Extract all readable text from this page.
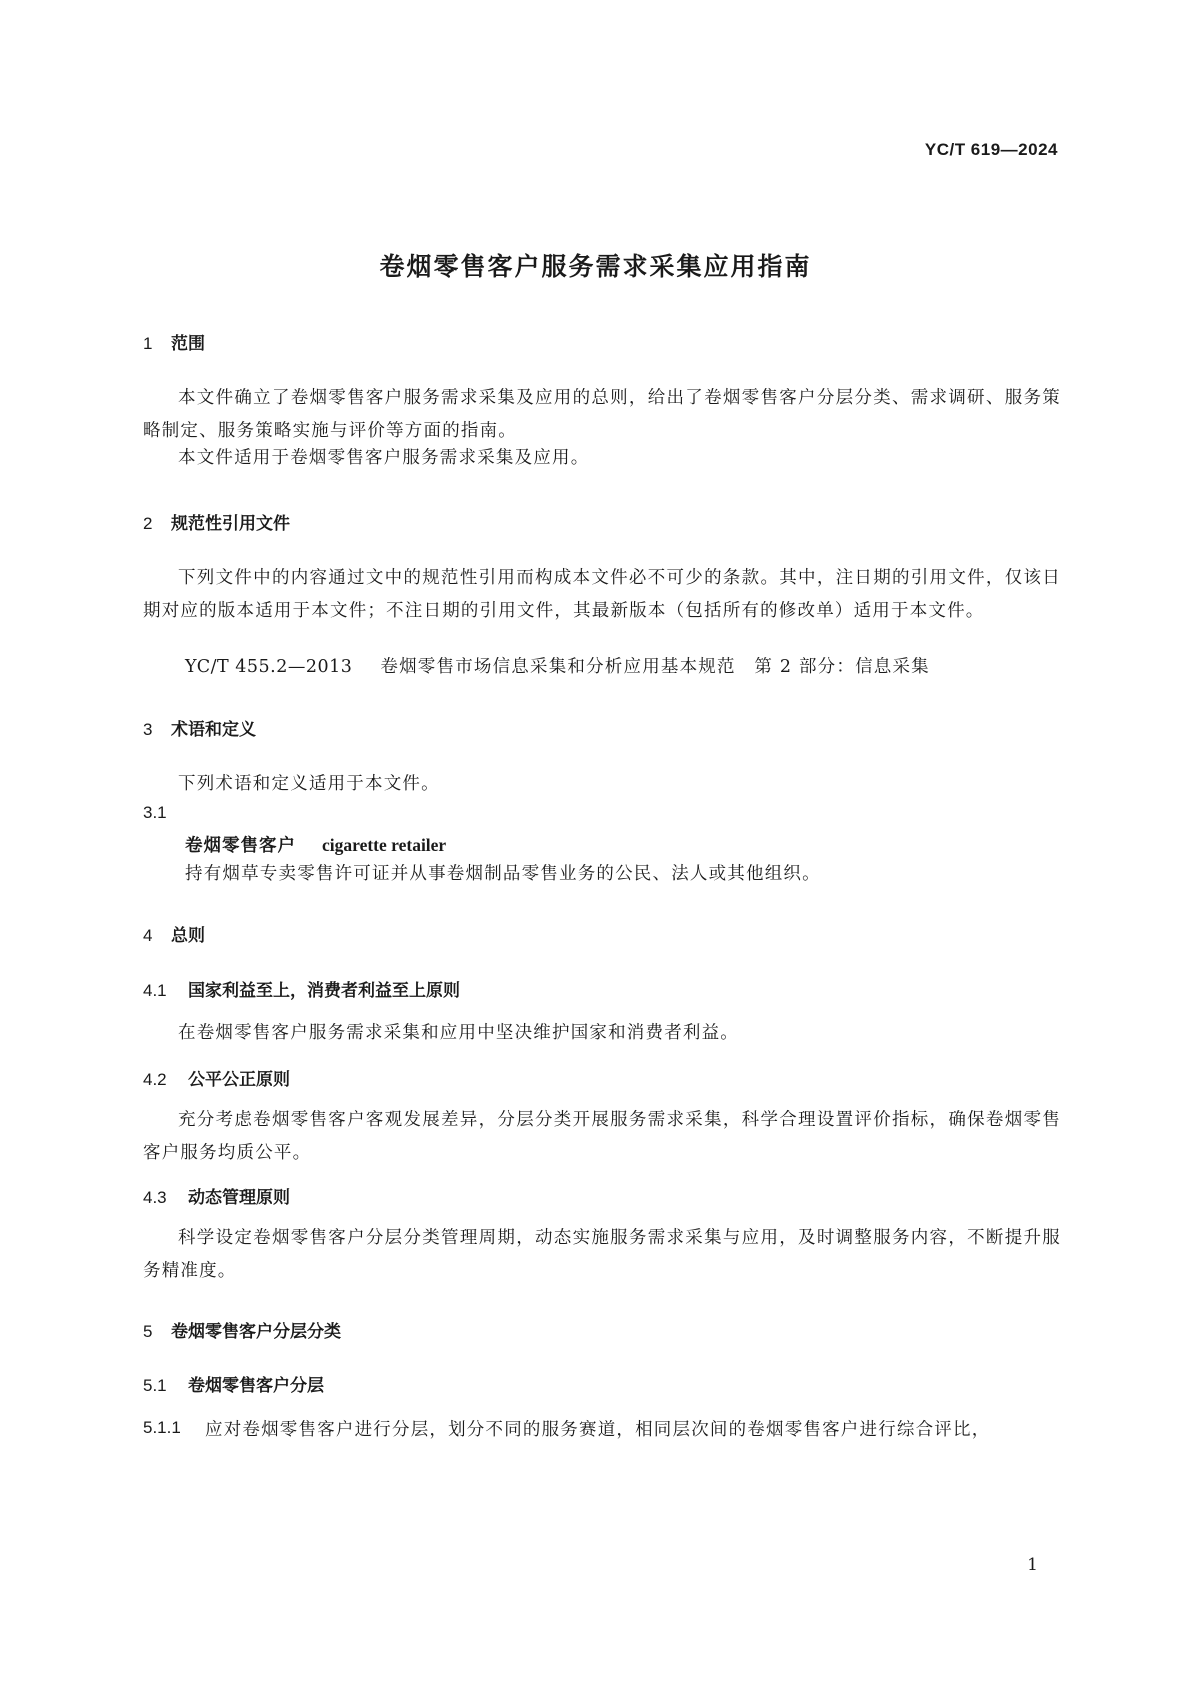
YC/T 619—2024
卷烟零售客户服务需求采集应用指南
1 范围
本文件确立了卷烟零售客户服务需求采集及应用的总则，给出了卷烟零售客户分层分类、需求调研、服务策略制定、服务策略实施与评价等方面的指南。
本文件适用于卷烟零售客户服务需求采集及应用。
2 规范性引用文件
下列文件中的内容通过文中的规范性引用而构成本文件必不可少的条款。其中，注日期的引用文件，仅该日期对应的版本适用于本文件；不注日期的引用文件，其最新版本（包括所有的修改单）适用于本文件。
YC/T 455.2—2013 卷烟零售市场信息采集和分析应用基本规范　第 2 部分：信息采集
3 术语和定义
下列术语和定义适用于本文件。
3.1
卷烟零售客户 cigarette retailer
持有烟草专卖零售许可证并从事卷烟制品零售业务的公民、法人或其他组织。
4 总则
4.1 国家利益至上，消费者利益至上原则
在卷烟零售客户服务需求采集和应用中坚决维护国家和消费者利益。
4.2 公平公正原则
充分考虑卷烟零售客户客观发展差异，分层分类开展服务需求采集，科学合理设置评价指标，确保卷烟零售客户服务均质公平。
4.3 动态管理原则
科学设定卷烟零售客户分层分类管理周期，动态实施服务需求采集与应用，及时调整服务内容，不断提升服务精准度。
5 卷烟零售客户分层分类
5.1 卷烟零售客户分层
5.1.1 应对卷烟零售客户进行分层，划分不同的服务赛道，相同层次间的卷烟零售客户进行综合评比，
1
